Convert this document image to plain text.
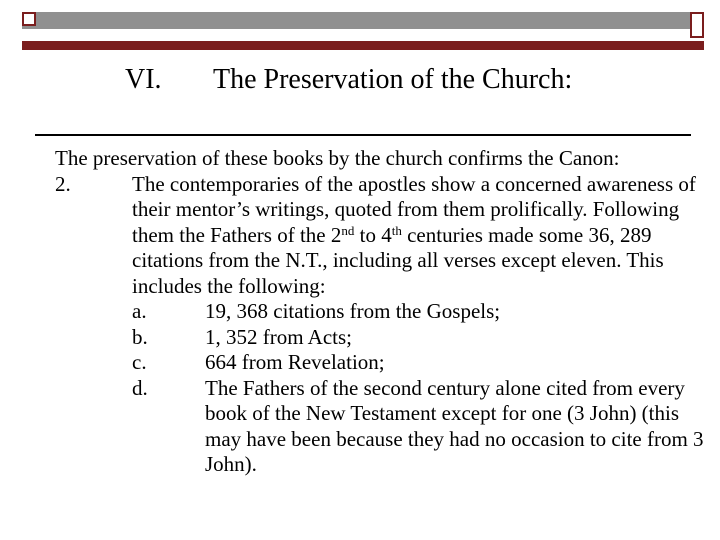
VI. The Preservation of the Church:
The preservation of these books by the church confirms the Canon:
2.	The contemporaries of the apostles show a concerned awareness of their mentor’s writings, quoted from them prolifically. Following them the Fathers of the 2nd to 4th centuries made some 36, 289 citations from the N.T., including all verses except eleven. This includes the following:
a.	19, 368 citations from the Gospels;
b.	1, 352 from Acts;
c.	664 from Revelation;
d.	The Fathers of the second century alone cited from every book of the New Testament except for one (3 John) (this may have been because they had no occasion to cite from 3 John).
